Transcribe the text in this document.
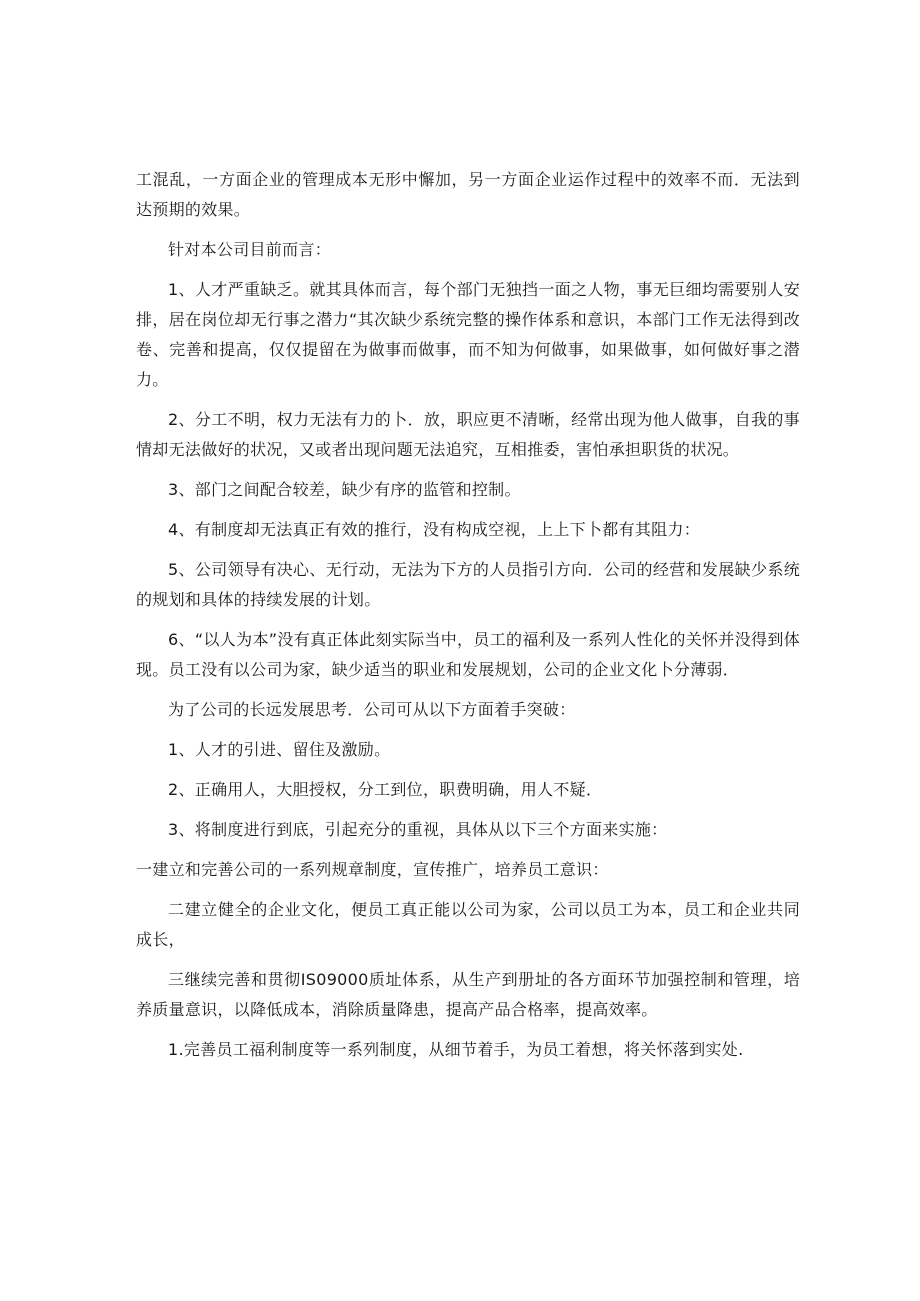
工混乱，一方面企业的管理成本无形中懈加，另一方面企业运作过程中的效率不而．无法到达预期的效果。

针对本公司目前而言：

1、人才严重缺乏。就其具体而言，每个部门无独挡一面之人物，事无巨细均需要别人安排，居在岗位却无行事之潜力“其次缺少系统完整的操作体系和意识，本部门工作无法得到改卷、完善和提高，仅仅提留在为做事而做事，而不知为何做事，如果做事，如何做好事之潜力。

2、分工不明，权力无法有力的卜．放，职应更不清晰，经常出现为他人做事，自我的事情却无法做好的状况，又或者出现问题无法追究，互相推委，害怕承担职货的状况。

3、部门之间配合较差，缺少有序的监管和控制。

4、有制度却无法真正有效的推行，没有构成空视，上上下卜都有其阻力：

5、公司领导有决心、无行动，无法为下方的人员指引方向．公司的经营和发展缺少系统的规划和具体的持续发展的计划。

6、“以人为本”没有真正体此刻实际当中，员工的福利及一系列人性化的关怀并没得到体现。员工没有以公司为家，缺少适当的职业和发展规划，公司的企业文化卜分薄弱．

为了公司的长远发展思考．公司可从以下方面着手突破：

1、人才的引进、留住及激励。

2、正确用人，大胆授权，分工到位，职费明确，用人不疑．

3、将制度进行到底，引起充分的重视，具体从以下三个方面来实施：

一建立和完善公司的一系列规章制度，宣传推广，培养员工意识：

二建立健全的企业文化，便员工真正能以公司为家，公司以员工为本，员工和企业共同成长，

三继续完善和贯彻IS09000质址体系，从生产到册址的各方面环节加强控制和管理，培养质量意识，以降低成本，消除质量降患，提高产品合格率，提高效率。

1.完善员工福利制度等一系列制度，从细节着手，为员工着想，将关怀落到实处.
